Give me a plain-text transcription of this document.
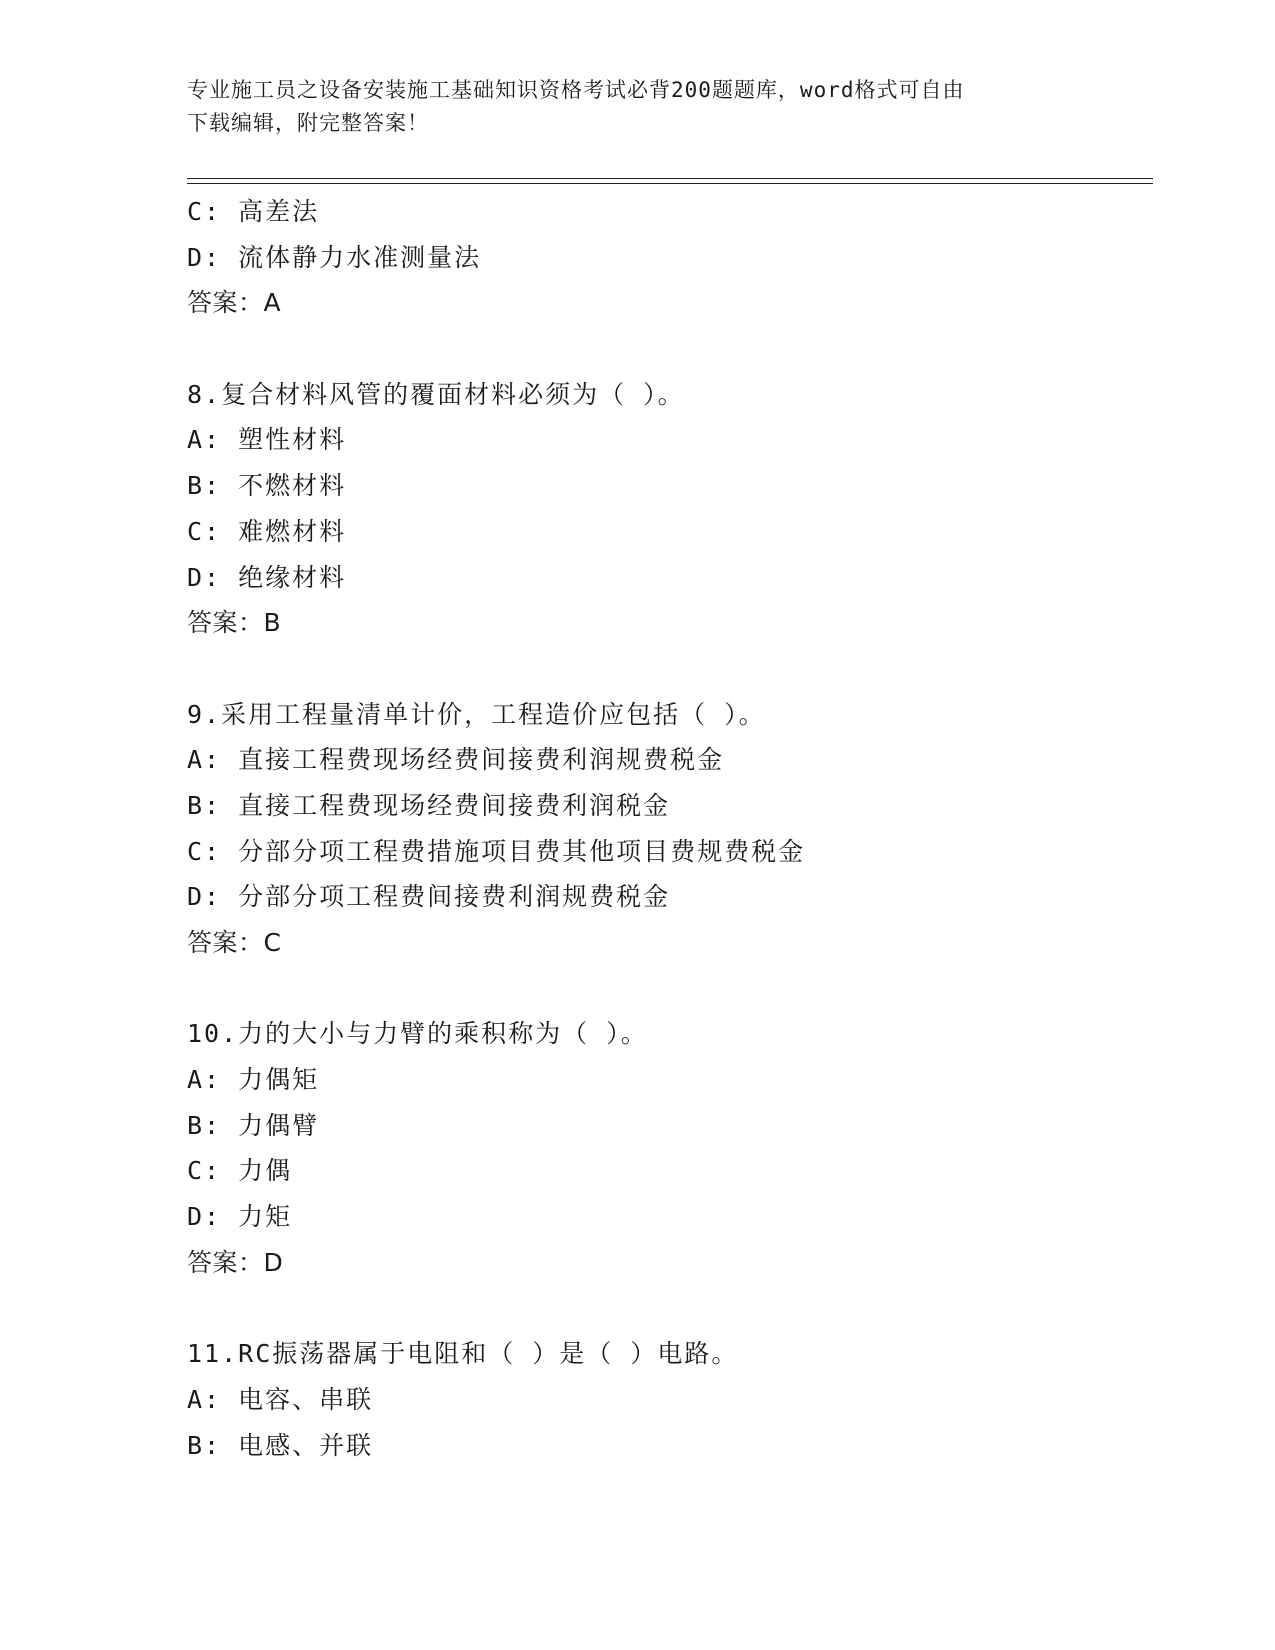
专业施工员之设备安装施工基础知识资格考试必背200题题库，word格式可自由
下载编辑，附完整答案！
C: 高差法
D: 流体静力水准测量法
答案：A
8.复合材料风管的覆面材料必须为（ ）。
A: 塑性材料
B: 不燃材料
C: 难燃材料
D: 绝缘材料
答案：B
9.采用工程量清单计价，工程造价应包括（ ）。
A: 直接工程费现场经费间接费利润规费税金
B: 直接工程费现场经费间接费利润税金
C: 分部分项工程费措施项目费其他项目费规费税金
D: 分部分项工程费间接费利润规费税金
答案：C
10.力的大小与力臂的乘积称为（ ）。
A: 力偶矩
B: 力偶臂
C: 力偶
D: 力矩
答案：D
11.RC振荡器属于电阻和（ ）是（ ）电路。
A: 电容、串联
B: 电感、并联
